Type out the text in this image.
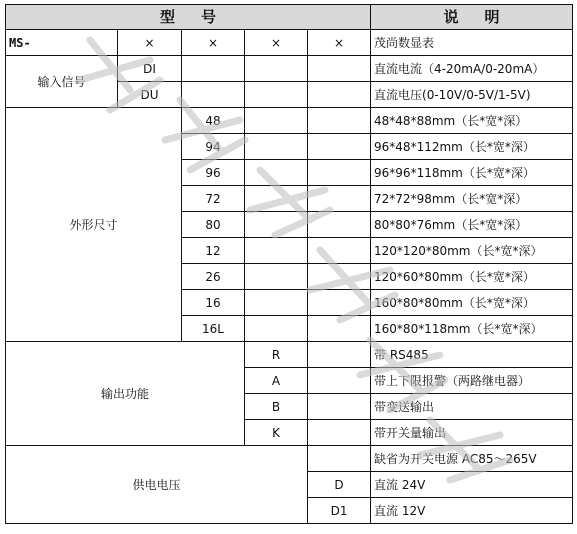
型号					说明
MS-	×	×	×	×	茂尚数显表
输入信号	DI				直流电流（4-20mA/0-20mA）
	DU				直流电压(0-10V/0-5V/1-5V)
外形尺寸		48			48*48*88mm（长*宽*深）
		94			96*48*112mm（长*宽*深）
		96			96*96*118mm（长*宽*深）
		72			72*72*98mm（长*宽*深）
		80			80*80*76mm（长*宽*深）
		12			120*120*80mm（长*宽*深）
		26			120*60*80mm（长*宽*深）
		16			160*80*80mm（长*宽*深）
		16L			160*80*118mm（长*宽*深）
输出功能			R		带 RS485
			A		带上下限报警（两路继电器）
			B		带变送输出
			K		带开关量输出
供电电压					缺省为开关电源 AC85～265V
				D	直流 24V
				D1	直流 12V
